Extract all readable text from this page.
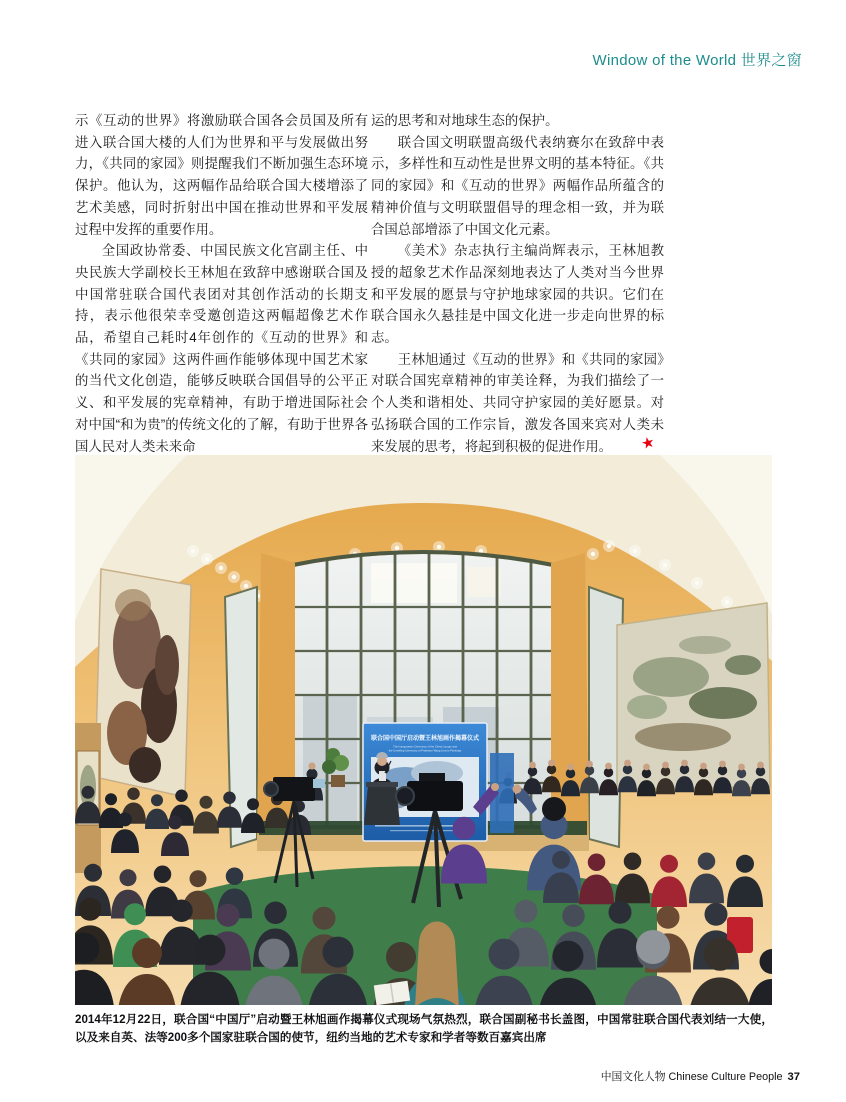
Window of the World 世界之窗

示《互动的世界》将激励联合国各会员国及所有进入联合国大楼的人们为世界和平与发展做出努力，《共同的家园》则提醒我们不断加强生态环境保护。他认为，这两幅作品给联合国大楼增添了艺术美感，同时折射出中国在推动世界和平发展过程中发挥的重要作用。

全国政协常委、中国民族文化宫副主任、中央民族大学副校长王林旭在致辞中感谢联合国及中国常驻联合国代表团对其创作活动的长期支持，表示他很荣幸受邀创造这两幅超像艺术作品，希望自己耗时4年创作的《互动的世界》和《共同的家园》这两件画作能够体现中国艺术家的当代文化创造，能够反映联合国倡导的公平正义、和平发展的宪章精神，有助于增进国际社会对中国“和为贵”的传统文化的了解，有助于世界各国人民对人类未来命

运的思考和对地球生态的保护。

联合国文明联盟高级代表纳赛尔在致辞中表示，多样性和互动性是世界文明的基本特征。《共同的家园》和《互动的世界》两幅作品所蕴含的精神价值与文明联盟倡导的理念相一致，并为联合国总部增添了中国文化元素。

《美术》杂志执行主编尚辉表示，王林旭教授的超象艺术作品深刻地表达了人类对当今世界和平发展的愿景与守护地球家园的共识。它们在联合国永久悬挂是中国文化进一步走向世界的标志。

王林旭通过《互动的世界》和《共同的家园》对联合国宪章精神的审美诠释，为我们描绘了一个人类和谐相处、共同守护家园的美好愿景。对弘扬联合国的工作宗旨，激发各国来宾对人类未来发展的思考，将起到积极的促进作用。 ★

联合国中国厅启动暨王林旭画作揭幕仪式
The Inauguration Ceremony of the China Lounge and
the Unveiling Ceremony of Professor Wang Linxu's Paintings
2014年12月22日，联合国“中国厅”启动暨王林旭画作揭幕仪式现场气氛热烈，联合国副秘书长盖图，中国常驻联合国代表刘结一大使，以及来自英、法等200多个国家驻联合国的使节，纽约当地的艺术专家和学者等数百嘉宾出席
中国文化人物 Chinese Culture People 37
